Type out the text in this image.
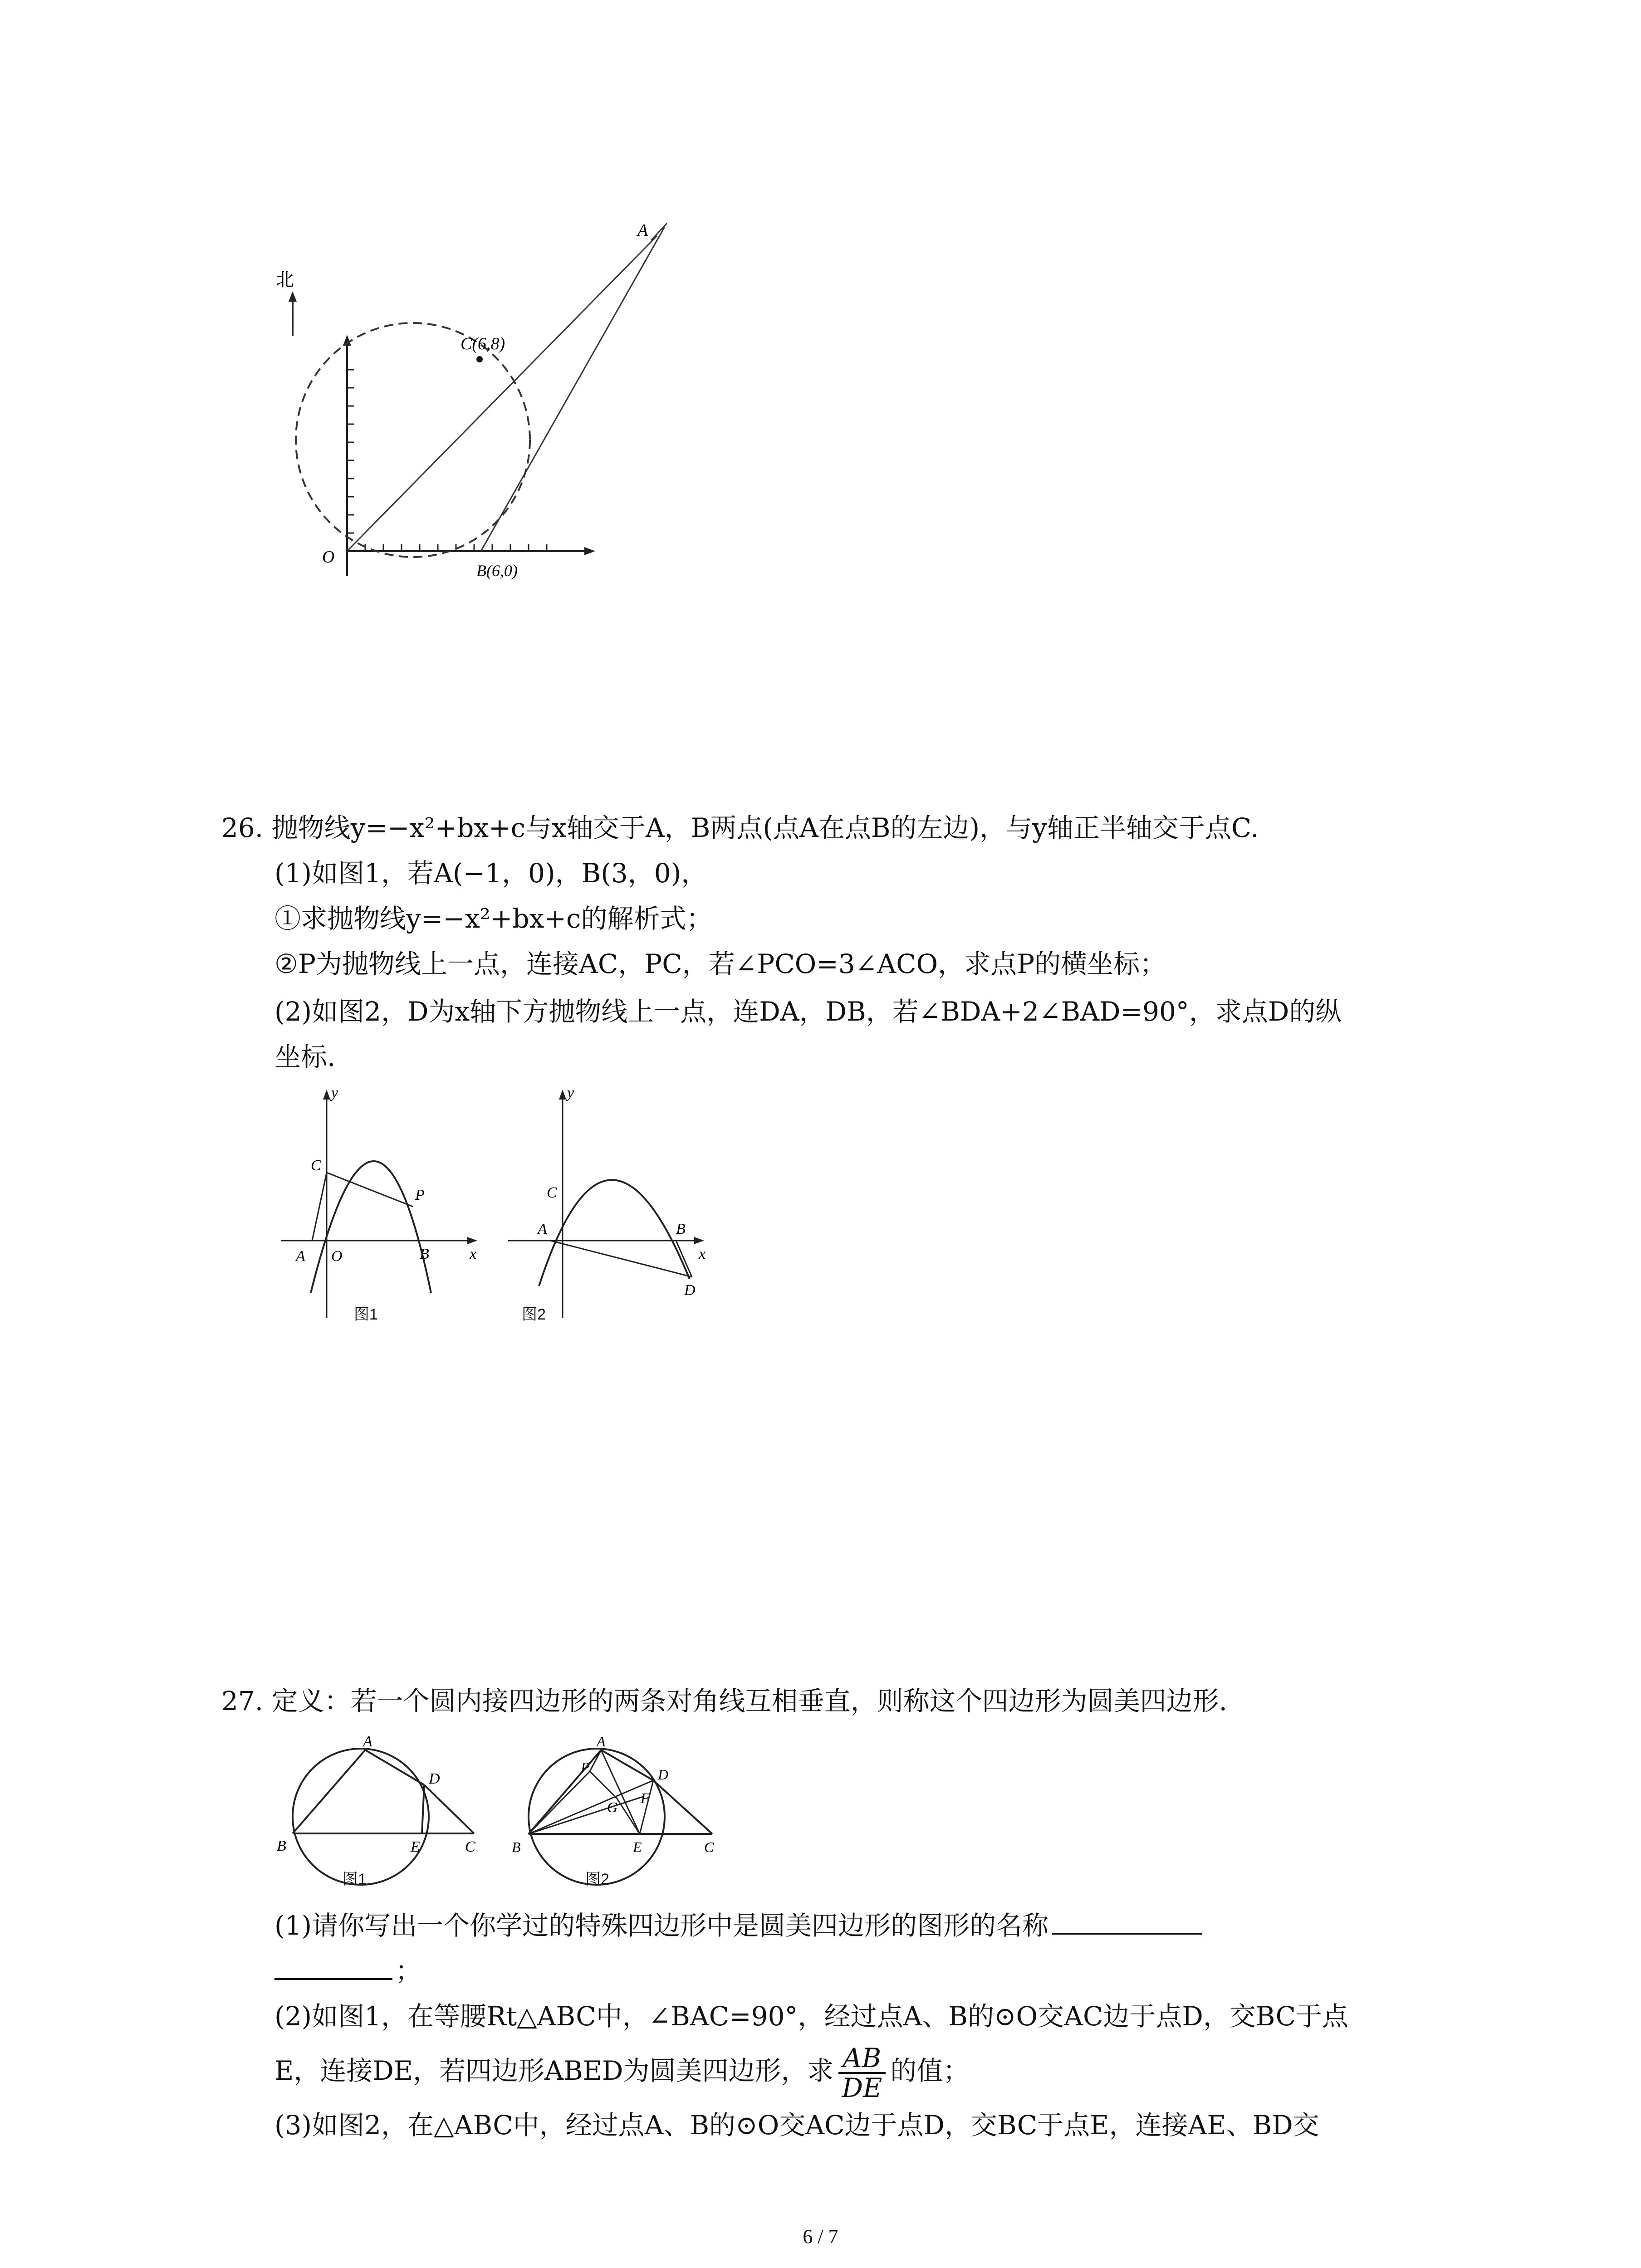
北
A
C(6,8)
O
B(6,0)
26. 抛物线y=−x²+bx+c与x轴交于A，B两点(点A在点B的左边)，与y轴正半轴交于点C.
(1)如图1，若A(−1，0)，B(3，0)，
①求抛物线y=−x²+bx+c的解析式；
②P为抛物线上一点，连接AC，PC，若∠PCO=3∠ACO，求点P的横坐标；
(2)如图2，D为x轴下方抛物线上一点，连DA，DB，若∠BDA+2∠BAD=90°，求点D的纵
坐标.
y
C
P
A O	B	x
图1
y
C
A	B
x
D
图2
27. 定义：若一个圆内接四边形的两条对角线互相垂直，则称这个四边形为圆美四边形.
A
D
B	E	C
图1
A
P	D
G
F
B	E	C
图2
(1)请你写出一个你学过的特殊四边形中是圆美四边形的图形的名称
；
(2)如图1，在等腰Rt△ABC中，∠BAC=90°，经过点A、B的⊙O交AC边于点D，交BC于点
E，连接DE，若四边形ABED为圆美四边形，求 $\frac{AB}{DE}$ 的值；
(3)如图2，在△ABC中，经过点A、B的⊙O交AC边于点D，交BC于点E，连接AE、BD交
6 / 7
